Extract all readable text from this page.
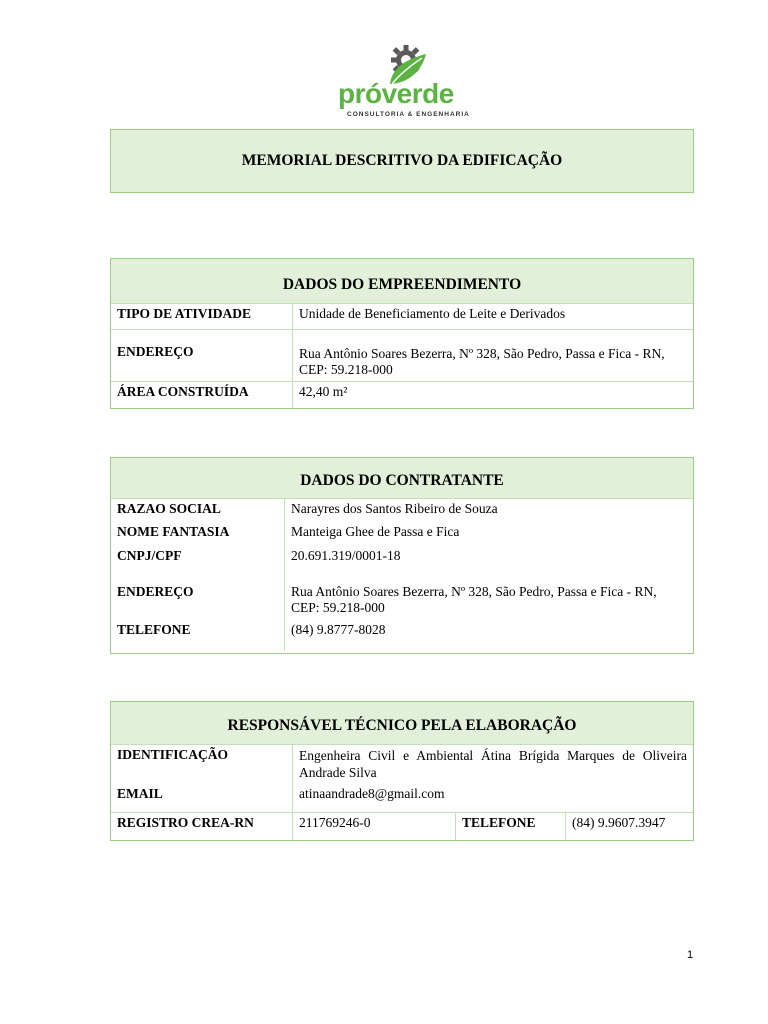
próverde
CONSULTORIA & ENGENHARIA
MEMORIAL DESCRITIVO DA EDIFICAÇÃO
DADOS DO EMPREENDIMENTO
TIPO DE ATIVIDADE	Unidade de Beneficiamento de Leite e Derivados
ENDEREÇO	Rua Antônio Soares Bezerra, Nº 328, São Pedro, Passa e Fica - RN, CEP: 59.218-000
ÁREA CONSTRUÍDA	42,40 m²
DADOS DO CONTRATANTE
RAZAO SOCIAL	Narayres dos Santos Ribeiro de Souza
NOME FANTASIA	Manteiga Ghee de Passa e Fica
CNPJ/CPF	20.691.319/0001-18
ENDEREÇO	Rua Antônio Soares Bezerra, Nº 328, São Pedro, Passa e Fica - RN, CEP: 59.218-000
TELEFONE	(84) 9.8777-8028
RESPONSÁVEL TÉCNICO PELA ELABORAÇÃO
IDENTIFICAÇÃO	Engenheira Civil e Ambiental Átina Brígida Marques de Oliveira Andrade Silva
EMAIL	atinaandrade8@gmail.com
REGISTRO CREA-RN	211769246-0	TELEFONE	(84) 9.9607.3947
1
